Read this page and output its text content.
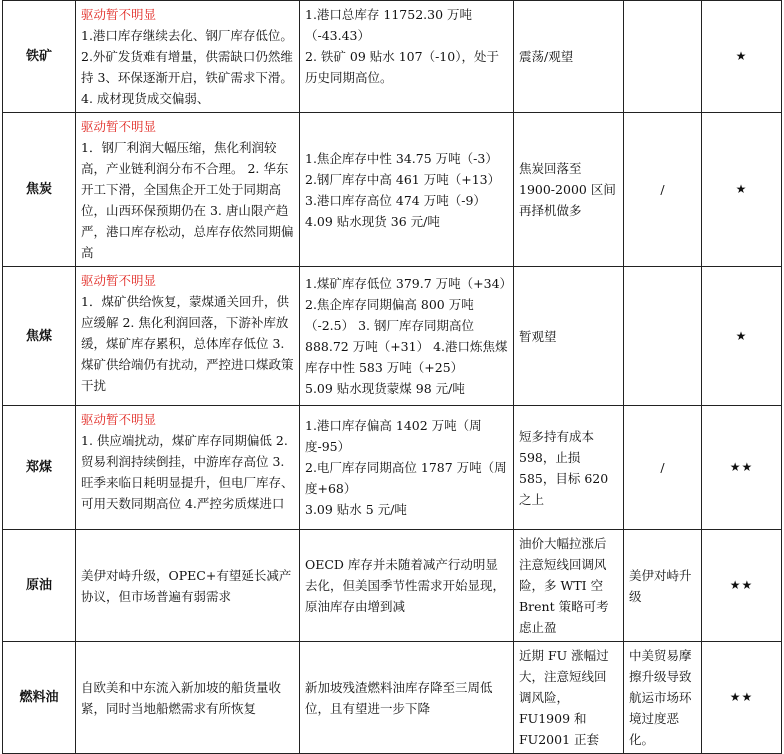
铁矿	驱动暂不明显
1.港口库存继续去化、钢厂库存低位。2.外矿发货难有增量，供需缺口仍然维持 3、环保逐渐开启，铁矿需求下滑。 4. 成材现货成交偏弱、	1.港口总库存 11752.30 万吨（-43.43）
2. 铁矿 09 贴水 107（-10），处于历史同期高位。	震荡/观望		★
焦炭	驱动暂不明显
1．钢厂利润大幅压缩，焦化利润较高，产业链利润分布不合理。 2. 华东开工下滑，全国焦企开工处于同期高位，山西环保预期仍在 3. 唐山限产趋严，港口库存松动，总库存依然同期偏高	1.焦企库存中性 34.75 万吨（-3）
2.钢厂库存中高 461 万吨（+13）
3.港口库存高位 474 万吨（-9）
4.09 贴水现货 36 元/吨	焦炭回落至 1900-2000 区间再择机做多	/	★
焦煤	驱动暂不明显
1．煤矿供给恢复，蒙煤通关回升，供应缓解 2. 焦化利润回落，下游补库放缓，煤矿库存累积，总体库存低位 3.煤矿供给端仍有扰动，严控进口煤政策干扰	1.煤矿库存低位 379.7 万吨（+34）
2.焦企库存同期偏高 800 万吨（-2.5） 3. 钢厂库存同期高位 888.72 万吨（+31） 4.港口炼焦煤库存中性 583 万吨（+25）
5.09 贴水现货蒙煤 98 元/吨	暂观望		★
郑煤	驱动暂不明显
1. 供应端扰动，煤矿库存同期偏低 2. 贸易利润持续倒挂，中游库存高位 3.旺季来临日耗明显提升，但电厂库存、可用天数同期高位 4.严控劣质煤进口	1.港口库存偏高 1402 万吨（周度-95）
2.电厂库存同期高位 1787 万吨（周度+68）
3.09 贴水 5 元/吨	短多持有成本 598，止损 585，目标 620 之上	/	★★
原油	美伊对峙升级，OPEC+有望延长减产协议，但市场普遍有弱需求	OECD 库存并未随着减产行动明显去化，但美国季节性需求开始显现，原油库存由增到减	油价大幅拉涨后注意短线回调风险，多 WTI 空 Brent 策略可考虑止盈	美伊对峙升级	★★
燃料油	自欧美和中东流入新加坡的船货量收紧，同时当地船燃需求有所恢复	新加坡残渣燃料油库存降至三周低位，且有望进一步下降	近期 FU 涨幅过大，注意短线回调风险，FU1909 和 FU2001 正套	中美贸易摩擦升级导致航运市场环境过度恶化。	★★
